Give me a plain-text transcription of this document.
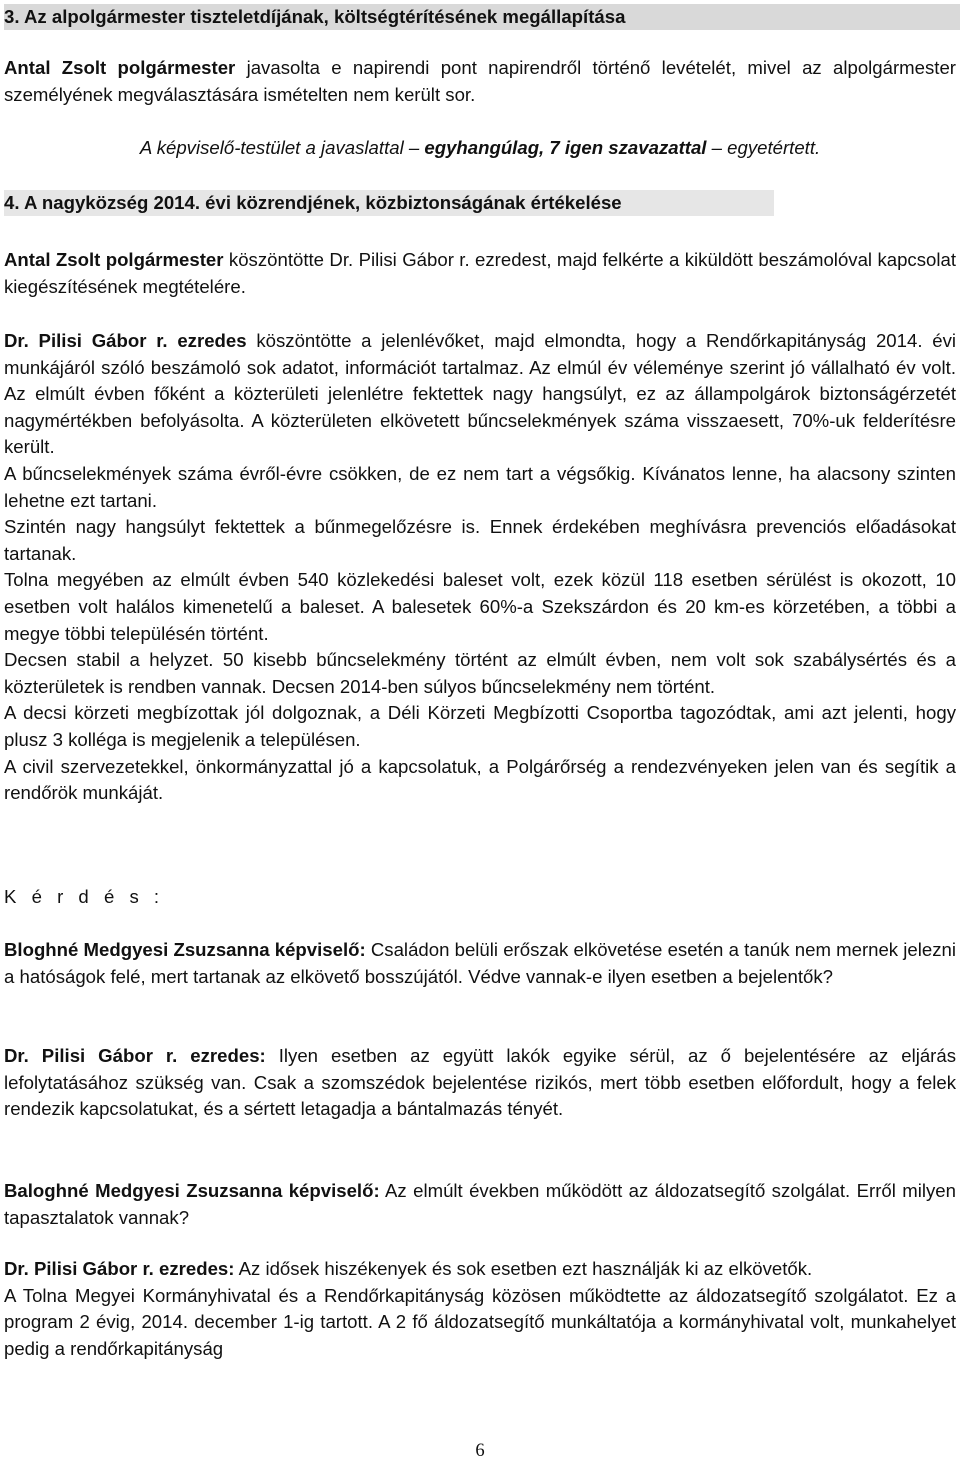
3. Az alpolgármester tiszteletdíjának, költségtérítésének megállapítása

Antal Zsolt polgármester javasolta e napirendi pont napirendről történő levételét, mivel az alpolgármester személyének megválasztására ismételten nem került sor.

A képviselő-testület a javaslattal – egyhangúlag, 7 igen szavazattal – egyetértett.
4. A nagyközség 2014. évi közrendjének, közbiztonságának értékelése

Antal Zsolt polgármester köszöntötte Dr. Pilisi Gábor r. ezredest, majd felkérte a kiküldött beszámolóval kapcsolat kiegészítésének megtételére.

Dr. Pilisi Gábor r. ezredes köszöntötte a jelenlévőket, majd elmondta, hogy a Rendőrkapitányság 2014. évi munkájáról szóló beszámoló sok adatot, információt tartalmaz. Az elmúl év véleménye szerint jó vállalható év volt. Az elmúlt évben főként a közterületi jelenlétre fektettek nagy hangsúlyt, ez az állampolgárok biztonságérzetét nagymértékben befolyásolta. A közterületen elkövetett bűncselekmények száma visszaesett, 70%-uk felderítésre került.

A bűncselekmények száma évről-évre csökken, de ez nem tart a végsőkig. Kívánatos lenne, ha alacsony szinten lehetne ezt tartani.

Szintén nagy hangsúlyt fektettek a bűnmegelőzésre is. Ennek érdekében meghívásra prevenciós előadásokat tartanak.

Tolna megyében az elmúlt évben 540 közlekedési baleset volt, ezek közül 118 esetben sérülést is okozott, 10 esetben volt halálos kimenetelű a baleset. A balesetek 60%-a Szekszárdon és 20 km-es körzetében, a többi a megye többi településén történt.

Decsen stabil a helyzet. 50 kisebb bűncselekmény történt az elmúlt évben, nem volt sok szabálysértés és a közterületek is rendben vannak. Decsen 2014-ben súlyos bűncselekmény nem történt.

A decsi körzeti megbízottak jól dolgoznak, a Déli Körzeti Megbízotti Csoportba tagozódtak, ami azt jelenti, hogy plusz 3 kolléga is megjelenik a településen.

A civil szervezetekkel, önkormányzattal jó a kapcsolatuk, a Polgárőrség a rendezvényeken jelen van és segítik a rendőrök munkáját.

K é r d é s :

Bloghné Medgyesi Zsuzsanna képviselő: Családon belüli erőszak elkövetése esetén a tanúk nem mernek jelezni a hatóságok felé, mert tartanak az elkövető bosszújától. Védve vannak-e ilyen esetben a bejelentők?

Dr. Pilisi Gábor r. ezredes: Ilyen esetben az együtt lakók egyike sérül, az ő bejelentésére az eljárás lefolytatásához szükség van. Csak a szomszédok bejelentése rizikós, mert több esetben előfordult, hogy a felek rendezik kapcsolatukat, és a sértett letagadja a bántalmazás tényét.

Baloghné Medgyesi Zsuzsanna képviselő: Az elmúlt években működött az áldozatsegítő szolgálat. Erről milyen tapasztalatok vannak?

Dr. Pilisi Gábor r. ezredes: Az idősek hiszékenyek és sok esetben ezt használják ki az elkövetők.

A Tolna Megyei Kormányhivatal és a Rendőrkapitányság közösen működtette az áldozatsegítő szolgálatot. Ez a program 2 évig, 2014. december 1-ig tartott. A 2 fő áldozatsegítő munkáltatója a kormányhivatal volt, munkahelyet pedig a rendőrkapitányság

6
